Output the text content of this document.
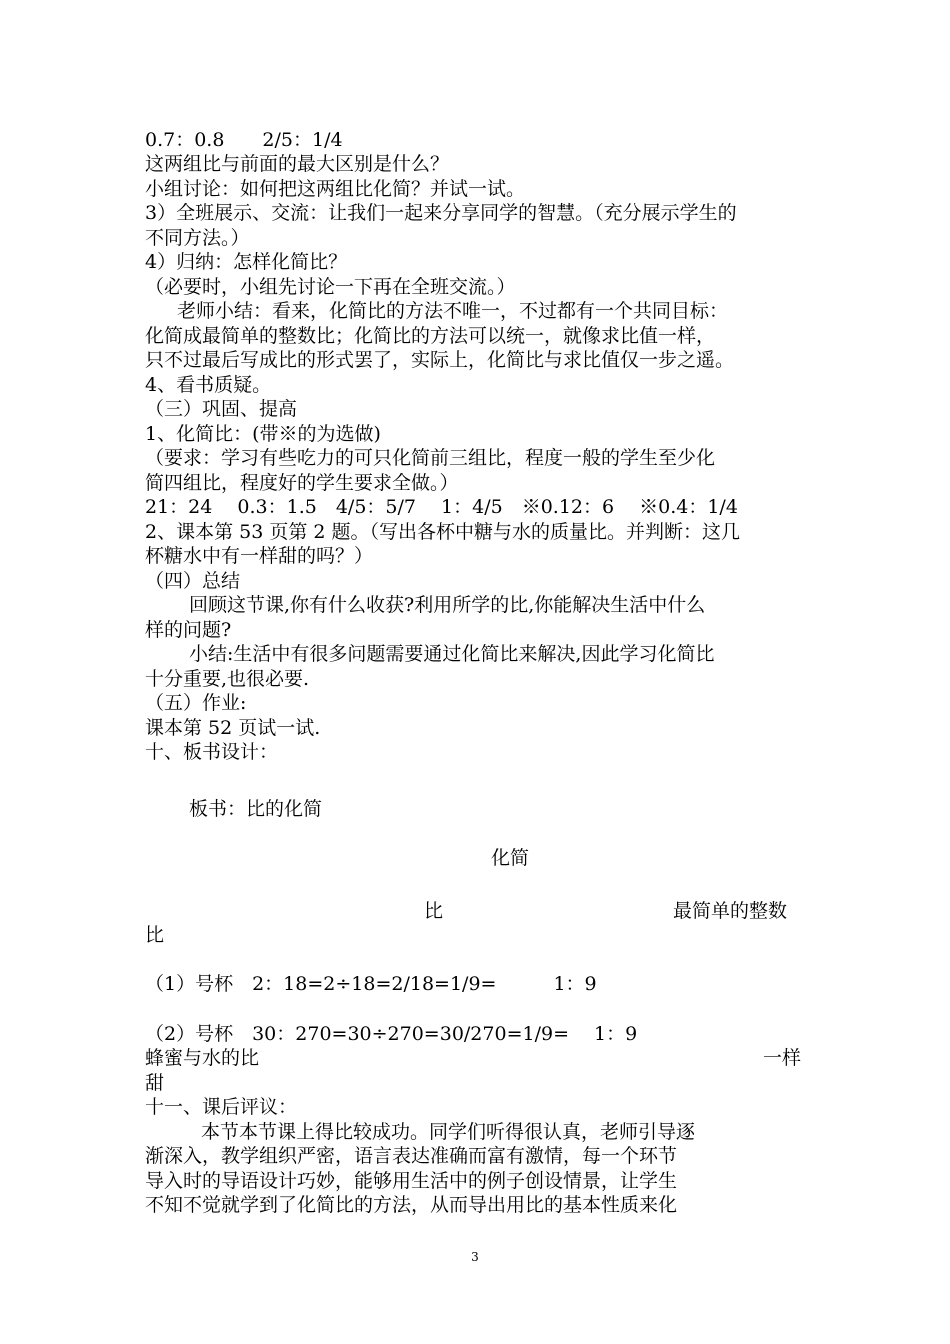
0.7：0.8　　2/5：1/4

这两组比与前面的最大区别是什么？

小组讨论：如何把这两组比化简？并试一试。

3）全班展示、交流：让我们一起来分享同学的智慧。（充分展示学生的

不同方法。）

4）归纳：怎样化简比？

（必要时，小组先讨论一下再在全班交流。）

老师小结：看来，化简比的方法不唯一，不过都有一个共同目标：

化简成最简单的整数比；化简比的方法可以统一，就像求比值一样，

只不过最后写成比的形式罢了，实际上，化简比与求比值仅一步之遥。

4、看书质疑。

（三）巩固、提高

1、化简比：(带※的为选做)

（要求：学习有些吃力的可只化简前三组比，程度一般的学生至少化

简四组比，程度好的学生要求全做。）

21：24　 0.3：1.5　4/5：5/7　 1：4/5　※0.12：6　 ※0.4：1/4

2、课本第 53 页第 2 题。（写出各杯中糖与水的质量比。并判断：这几

杯糖水中有一样甜的吗？）

（四）总结

回顾这节课,你有什么收获?利用所学的比,你能解决生活中什么

样的问题?

小结:生活中有很多问题需要通过化简比来解决,因此学习化简比

十分重要,也很必要.

（五）作业:

课本第 52 页试一试.

十、板书设计：

板书：比的化简

化简

比	最简单的整数

比

（1）号杯　2：18=2÷18=2/18=1/9=　　　1：9

（2）号杯　30：270=30÷270=30/270=1/9=　 1：9

蜂蜜与水的比	一样

甜

十一、课后评议：

本节本节课上得比较成功。同学们听得很认真，老师引导逐

渐深入，教学组织严密，语言表达准确而富有激情，每一个环节

导入时的导语设计巧妙，能够用生活中的例子创设情景，让学生

不知不觉就学到了化简比的方法，从而导出用比的基本性质来化

3
